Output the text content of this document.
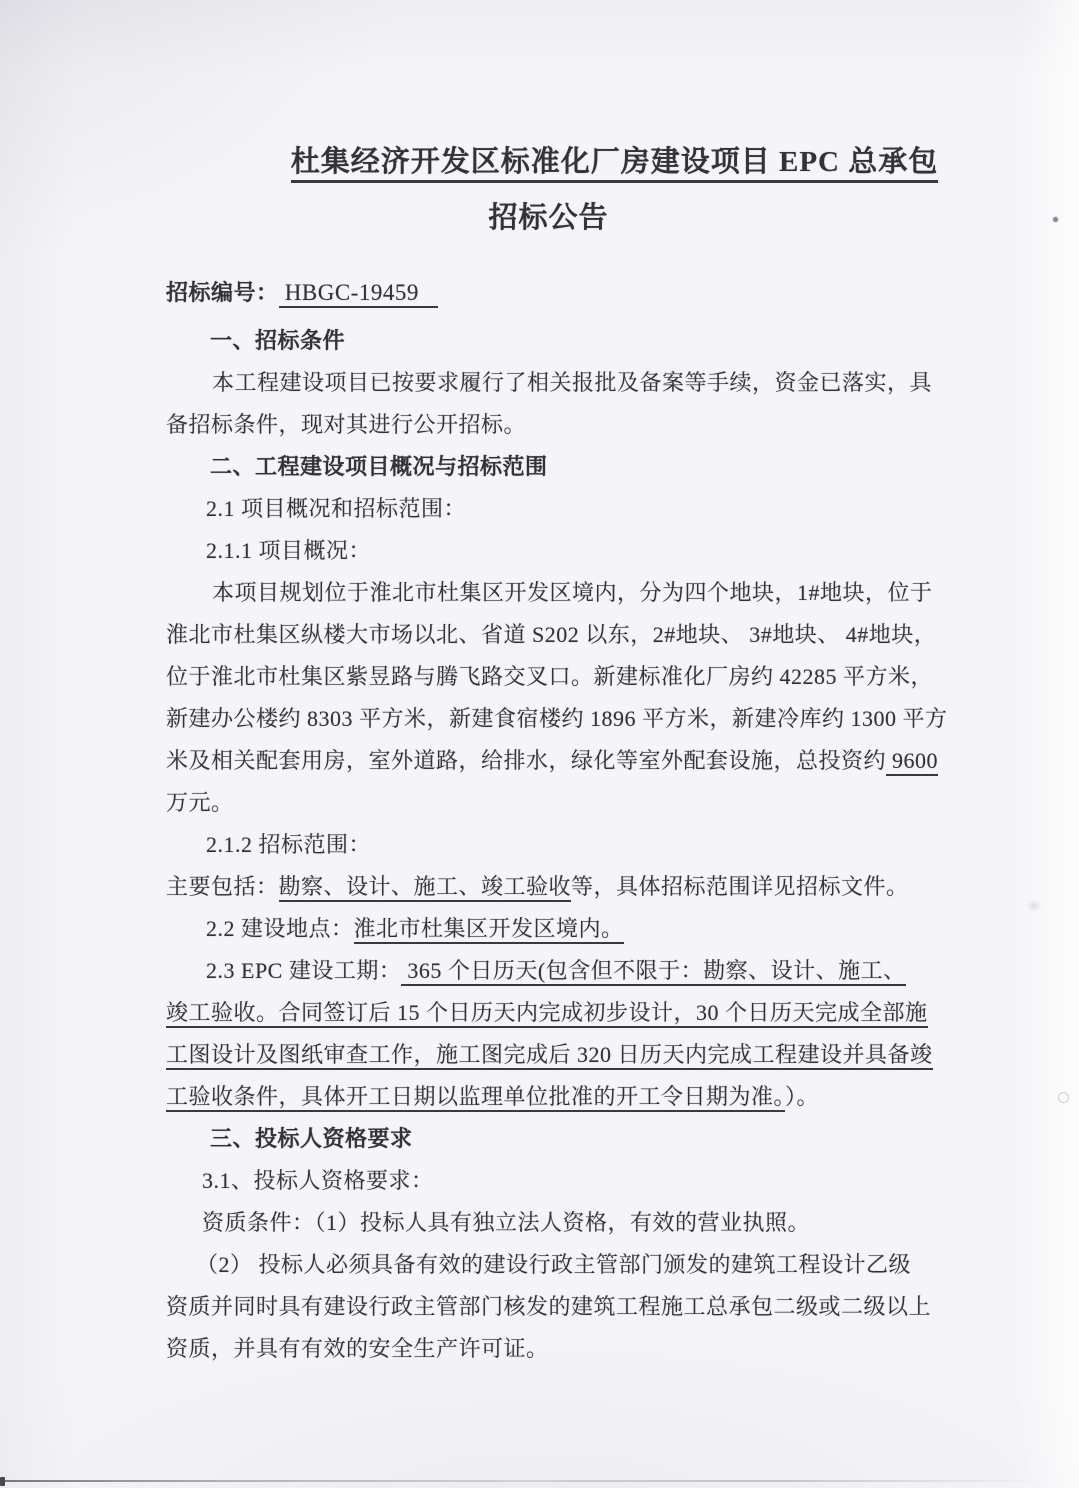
杜集经济开发区标准化厂房建设项目 EPC 总承包
招标公告
招标编号： HBGC-19459
一、招标条件
本工程建设项目已按要求履行了相关报批及备案等手续，资金已落实，具
备招标条件，现对其进行公开招标。
二、工程建设项目概况与招标范围
2.1 项目概况和招标范围：
2.1.1 项目概况：
本项目规划位于淮北市杜集区开发区境内，分为四个地块，1#地块，位于
淮北市杜集区纵楼大市场以北、省道 S202 以东，2#地块、 3#地块、 4#地块，
位于淮北市杜集区紫昱路与腾飞路交叉口。新建标准化厂房约 42285 平方米，
新建办公楼约 8303 平方米，新建食宿楼约 1896 平方米，新建冷库约 1300 平方
米及相关配套用房，室外道路，给排水，绿化等室外配套设施，总投资约 9600
万元。
2.1.2 招标范围：
主要包括：勘察、设计、施工、竣工验收等，具体招标范围详见招标文件。
2.2 建设地点：淮北市杜集区开发区境内。
2.3 EPC 建设工期： 365 个日历天(包含但不限于：勘察、设计、施工、
竣工验收。合同签订后 15 个日历天内完成初步设计，30 个日历天完成全部施
工图设计及图纸审查工作，施工图完成后 320 日历天内完成工程建设并具备竣
工验收条件，具体开工日期以监理单位批准的开工令日期为准。）。
三、投标人资格要求
3.1、投标人资格要求：
资质条件：（1）投标人具有独立法人资格，有效的营业执照。
（2） 投标人必须具备有效的建设行政主管部门颁发的建筑工程设计乙级
资质并同时具有建设行政主管部门核发的建筑工程施工总承包二级或二级以上
资质，并具有有效的安全生产许可证。
